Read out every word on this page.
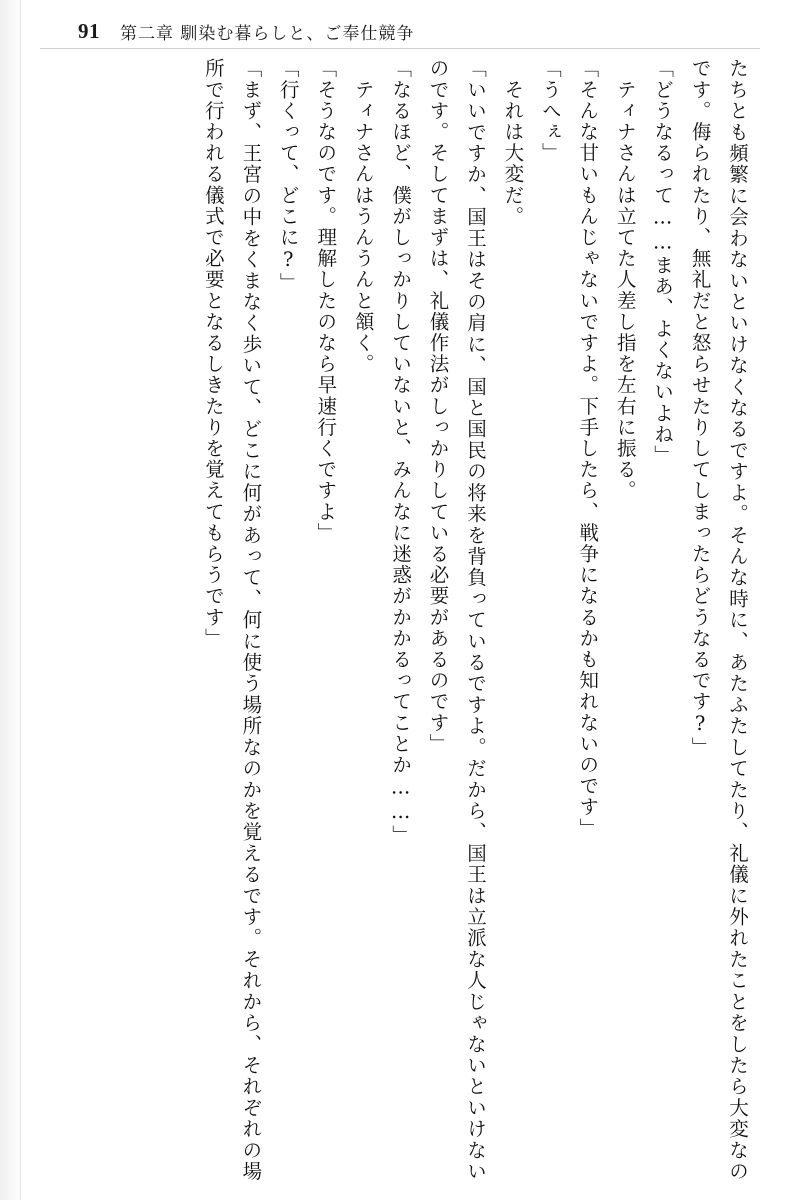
91 第二章 馴染む暮らしと、ご奉仕競争

たちとも頻繁に会わないといけなくなるですよ。そんな時に、あたふたしてたり、礼儀に外れたことをしたら大変なのです。侮られたり、無礼だと怒らせたりしてしまったらどうなるです?」

「どうなるって……まあ、よくないよね」

　ティナさんは立てた人差し指を左右に振る。

「そんな甘いもんじゃないですよ。下手したら、戦争になるかも知れないのです」

「うへぇ」

　それは大変だ。

「いいですか、国王はその肩に、国と国民の将来を背負っているですよ。だから、国王は立派な人じゃないといけないのです。そしてまずは、礼儀作法がしっかりしている必要があるのです」

「なるほど、僕がしっかりしていないと、みんなに迷惑がかかるってことか……」

　ティナさんはうんうんと頷く。

「そうなのです。理解したのなら早速行くですよ」

「行くって、どこに?」

「まず、王宮の中をくまなく歩いて、どこに何があって、何に使う場所なのかを覚えるです。それから、それぞれの場所で行われる儀式で必要となるしきたりを覚えてもらうです」
